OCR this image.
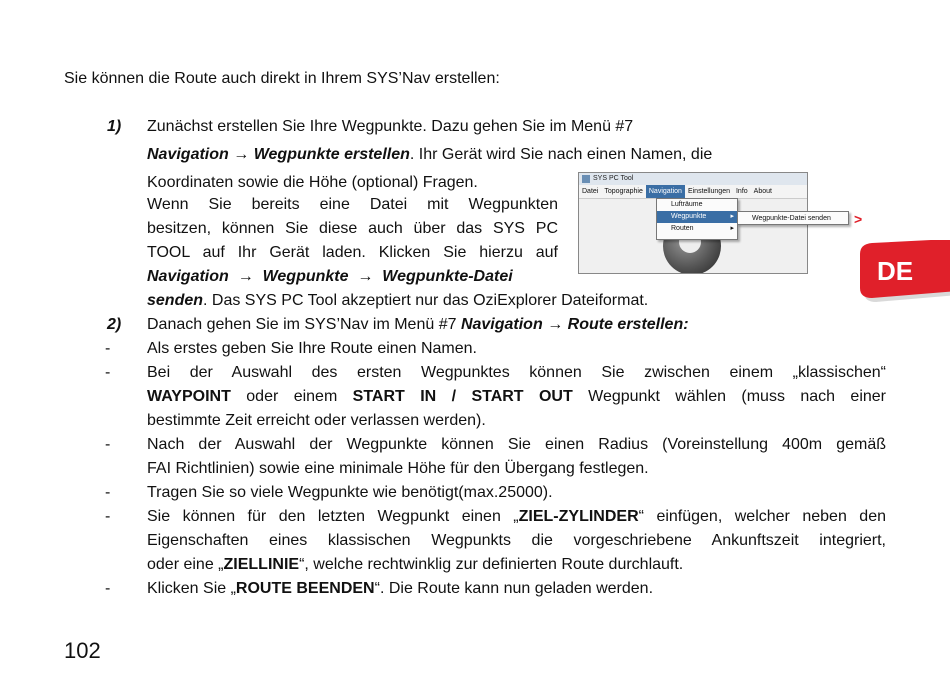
Sie können die Route auch direkt in Ihrem SYS’Nav erstellen:
1) Zunächst erstellen Sie Ihre Wegpunkte. Dazu gehen Sie im Menü #7
Navigation → Wegpunkte erstellen. Ihr Gerät wird Sie nach einen Namen, die
Koordinaten sowie die Höhe (optional) Fragen.
Wenn Sie bereits eine Datei mit Wegpunkten
besitzen, können Sie diese auch über das SYS PC
TOOL auf Ihr Gerät laden. Klicken Sie hierzu auf
Navigation → Wegpunkte → Wegpunkte-Datei
senden. Das SYS PC Tool akzeptiert nur das OziExplorer Dateiformat.
SYS PC Tool
Datei Topographie Navigation Einstellungen Info About
Lufträume
Wegpunkte	▸
Routen	▸
Wegpunkte-Datei senden	>
DE
2) Danach gehen Sie im SYS’Nav im Menü #7 Navigation → Route erstellen:
- Als erstes geben Sie Ihre Route einen Namen.
- Bei der Auswahl des ersten Wegpunktes können Sie zwischen einem „klassischen“
WAYPOINT oder einem START IN / START OUT Wegpunkt wählen (muss nach einer
bestimmte Zeit erreicht oder verlassen werden).
- Nach der Auswahl der Wegpunkte können Sie einen Radius (Voreinstellung 400m gemäß
FAI Richtlinien) sowie eine minimale Höhe für den Übergang festlegen.
- Tragen Sie so viele Wegpunkte wie benötigt(max.25000).
- Sie können für den letzten Wegpunkt einen „ZIEL-ZYLINDER“ einfügen, welcher neben den
Eigenschaften eines klassischen Wegpunkts die vorgeschriebene Ankunftszeit integriert,
oder eine „ZIELLINIE“, welche rechtwinklig zur definierten Route durchlauft.
- Klicken Sie „ROUTE BEENDEN“. Die Route kann nun geladen werden.
102
